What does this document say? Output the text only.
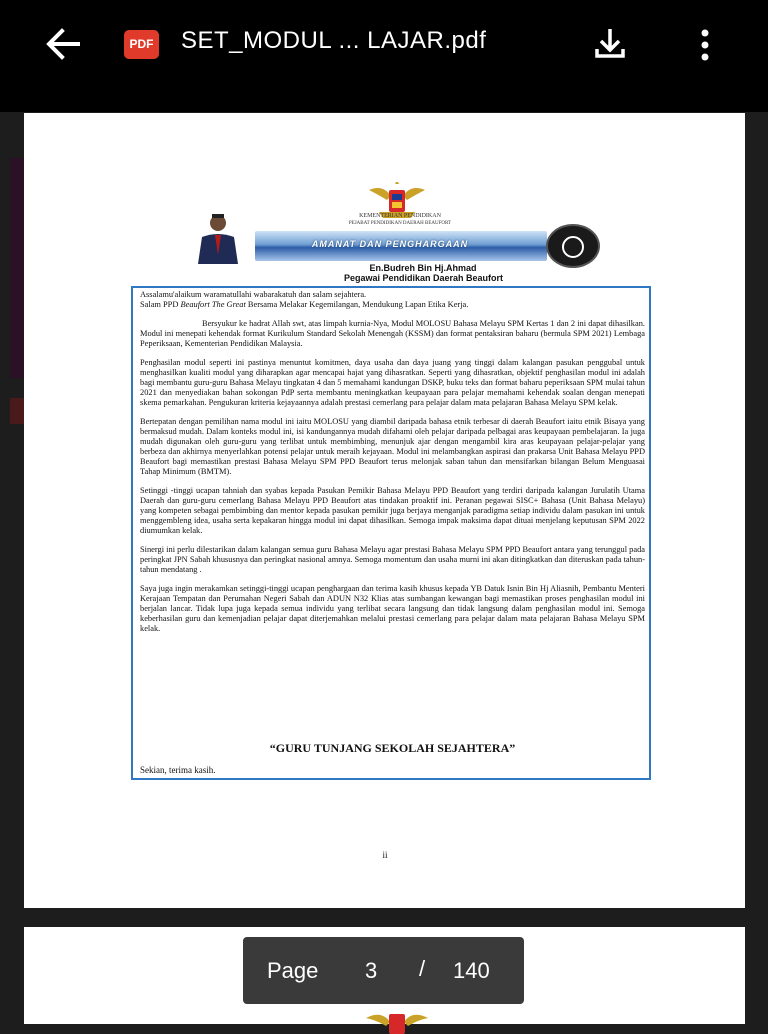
PDF SET_MODUL ... LAJAR.pdf
KEMENTERIAN PENDIDIKAN
PEJABAT PENDIDIKAN DAERAH BEAUFORT
AMANAT DAN PENGHARGAAN
En.Budreh Bin Hj.Ahmad
Pegawai Pendidikan Daerah Beaufort

Assalamu'alaikum waramatullahi wabarakatuh dan salam sejahtera.

Salam PPD Beaufort The Great Bersama Melakar Kegemilangan, Mendukung Lapan Etika Kerja.

Bersyukur ke hadrat Allah swt, atas limpah kurnia-Nya, Modul MOLOSU Bahasa Melayu SPM Kertas 1 dan 2 ini dapat dihasilkan. Modul ini menepati kehendak format Kurikulum Standard Sekolah Menengah (KSSM) dan format pentaksiran baharu (bermula SPM 2021) Lembaga Peperiksaan, Kementerian Pendidikan Malaysia.

Penghasilan modul seperti ini pastinya menuntut komitmen, daya usaha dan daya juang yang tinggi dalam kalangan pasukan penggubal untuk menghasilkan kualiti modul yang diharapkan agar mencapai hajat yang dihasratkan. Seperti yang dihasratkan, objektif penghasilan modul ini adalah bagi membantu guru-guru Bahasa Melayu tingkatan 4 dan 5 memahami kandungan DSKP, buku teks dan format baharu peperiksaan SPM mulai tahun 2021 dan menyediakan bahan sokongan PdP serta membantu meningkatkan keupayaan para pelajar memahami kehendak soalan dengan menepati skema pemarkahan. Pengukuran kriteria kejayaannya adalah prestasi cemerlang para pelajar dalam mata pelajaran Bahasa Melayu SPM kelak.

Bertepatan dengan pemilihan nama modul ini iaitu MOLOSU yang diambil daripada bahasa etnik terbesar di daerah Beaufort iaitu etnik Bisaya yang bermaksud mudah. Dalam konteks modul ini, isi kandungannya mudah difahami oleh pelajar daripada pelbagai aras keupayaan pembelajaran. Ia juga mudah digunakan oleh guru-guru yang terlibat untuk membimbing, menunjuk ajar dengan mengambil kira aras keupayaan pelajar-pelajar yang berbeza dan akhirnya menyerlahkan potensi pelajar untuk meraih kejayaan. Modul ini melambangkan aspirasi dan prakarsa Unit Bahasa Melayu PPD Beaufort bagi memastikan prestasi Bahasa Melayu SPM PPD Beaufort terus melonjak saban tahun dan mensifarkan bilangan Belum Menguasai Tahap Minimum (BMTM).

Setinggi -tinggi ucapan tahniah dan syabas kepada Pasukan Pemikir Bahasa Melayu PPD Beaufort yang terdiri daripada kalangan Jurulatih Utama Daerah dan guru-guru cemerlang Bahasa Melayu PPD Beaufort atas tindakan proaktif ini. Peranan pegawai SISC+ Bahasa (Unit Bahasa Melayu) yang kompeten sebagai pembimbing dan mentor kepada pasukan pemikir juga berjaya menganjak paradigma setiap individu dalam pasukan ini untuk menggembleng idea, usaha serta kepakaran hingga modul ini dapat dihasilkan. Semoga impak maksima dapat dituai menjelang keputusan SPM 2022 diumumkan kelak.

Sinergi ini perlu dilestarikan dalam kalangan semua guru Bahasa Melayu agar prestasi Bahasa Melayu SPM PPD Beaufort antara yang terunggul pada peringkat JPN Sabah khususnya dan peringkat nasional amnya. Semoga momentum dan usaha murni ini akan ditingkatkan dan diteruskan pada tahun-tahun mendatang .

Saya juga ingin merakamkan setinggi-tinggi ucapan penghargaan dan terima kasih khusus kepada YB Datuk Isnin Bin Hj Aliasnih, Pembantu Menteri Kerajaan Tempatan dan Perumahan Negeri Sabah dan ADUN N32 Klias atas sumbangan kewangan bagi memastikan proses penghasilan modul ini berjalan lancar. Tidak lupa juga kepada semua individu yang terlibat secara langsung dan tidak langsung dalam penghasilan modul ini. Semoga keberhasilan guru dan kemenjadian pelajar dapat diterjemahkan melalui prestasi cemerlang para pelajar dalam mata pelajaran Bahasa Melayu SPM kelak.

“GURU TUNJANG SEKOLAH SEJAHTERA”
Sekian, terima kasih.
ii
Page 3 / 140
